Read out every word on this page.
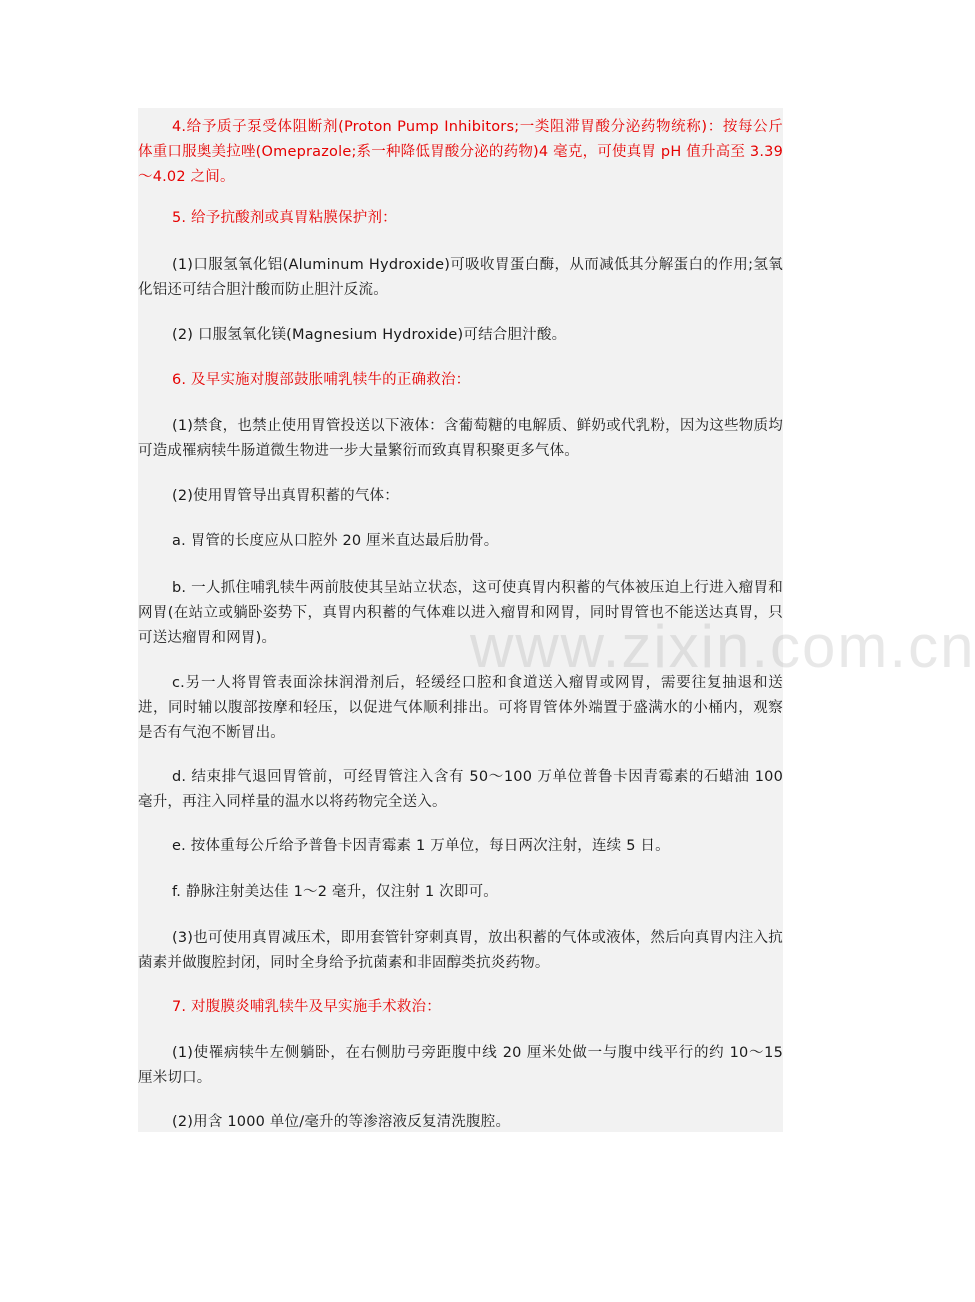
4.给予质子泵受体阻断剂(Proton Pump Inhibitors;一类阻滞胃酸分泌药物统称)：按每公斤体重口服奥美拉唑(Omeprazole;系一种降低胃酸分泌的药物)4 毫克，可使真胃 pH 值升高至 3.39～4.02 之间。

5. 给予抗酸剂或真胃粘膜保护剂：

(1)口服氢氧化铝(Aluminum Hydroxide)可吸收胃蛋白酶，从而减低其分解蛋白的作用;氢氧化铝还可结合胆汁酸而防止胆汁反流。

(2) 口服氢氧化镁(Magnesium Hydroxide)可结合胆汁酸。

6. 及早实施对腹部鼓胀哺乳犊牛的正确救治：

(1)禁食，也禁止使用胃管投送以下液体：含葡萄糖的电解质、鲜奶或代乳粉，因为这些物质均可造成罹病犊牛肠道微生物进一步大量繁衍而致真胃积聚更多气体。

(2)使用胃管导出真胃积蓄的气体：

a. 胃管的长度应从口腔外 20 厘米直达最后肋骨。

b. 一人抓住哺乳犊牛两前肢使其呈站立状态，这可使真胃内积蓄的气体被压迫上行进入瘤胃和网胃(在站立或躺卧姿势下，真胃内积蓄的气体难以进入瘤胃和网胃，同时胃管也不能送达真胃，只可送达瘤胃和网胃)。

c.另一人将胃管表面涂抹润滑剂后，轻缓经口腔和食道送入瘤胃或网胃，需要往复抽退和送进，同时辅以腹部按摩和轻压，以促进气体顺利排出。可将胃管体外端置于盛满水的小桶内，观察是否有气泡不断冒出。

d. 结束排气退回胃管前，可经胃管注入含有 50～100 万单位普鲁卡因青霉素的石蜡油 100 毫升，再注入同样量的温水以将药物完全送入。

e. 按体重每公斤给予普鲁卡因青霉素 1 万单位，每日两次注射，连续 5 日。

f. 静脉注射美达佳 1～2 毫升，仅注射 1 次即可。

(3)也可使用真胃减压术，即用套管针穿刺真胃，放出积蓄的气体或液体，然后向真胃内注入抗菌素并做腹腔封闭，同时全身给予抗菌素和非固醇类抗炎药物。

7. 对腹膜炎哺乳犊牛及早实施手术救治：

(1)使罹病犊牛左侧躺卧，在右侧肋弓旁距腹中线 20 厘米处做一与腹中线平行的约 10～15 厘米切口。

(2)用含 1000 单位/毫升的等渗溶液反复清洗腹腔。

www.zixin.com.cn
